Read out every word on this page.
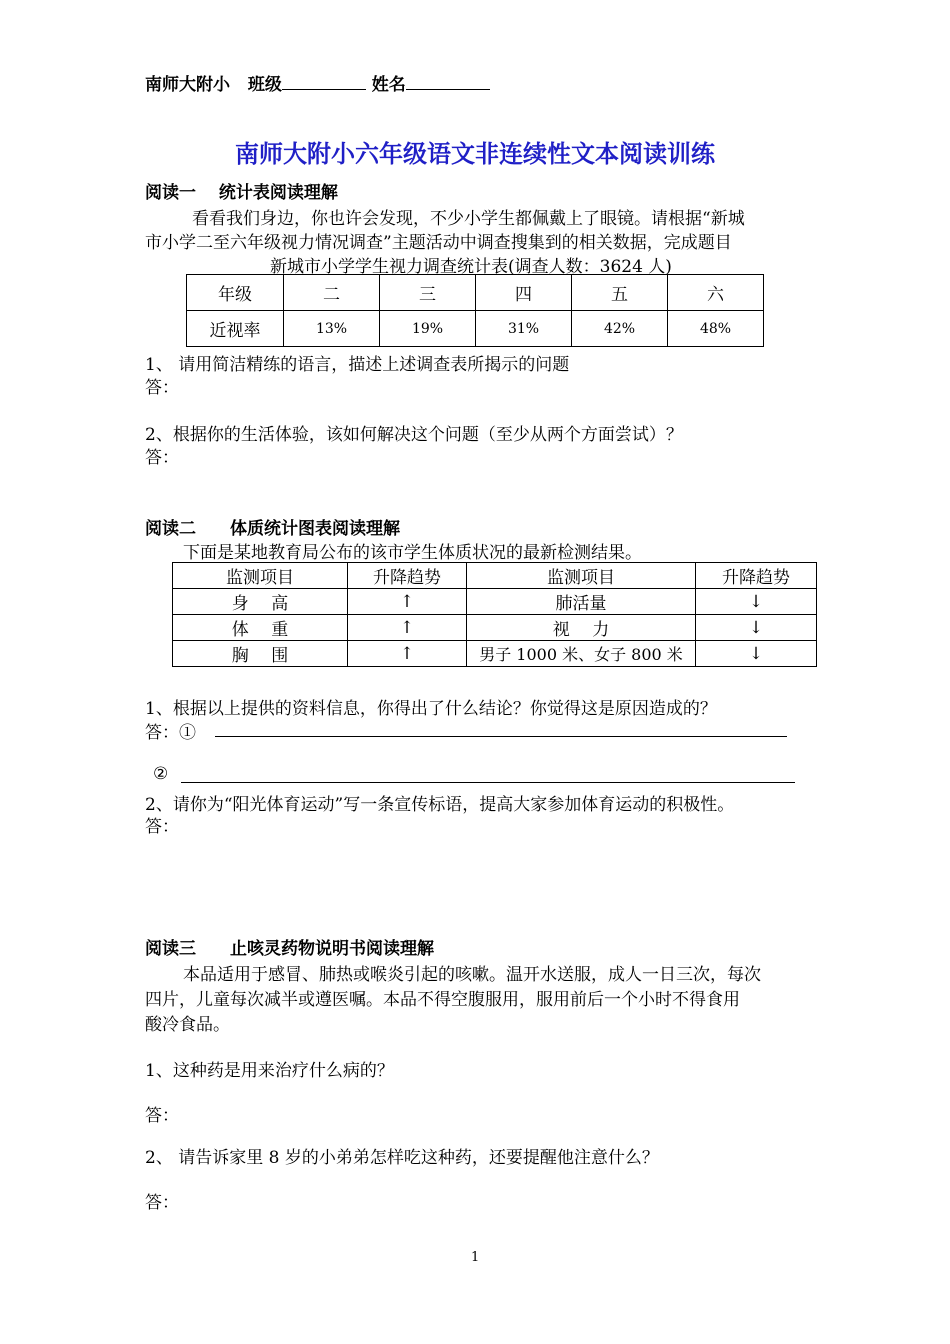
南师大附小 班级	姓名
南师大附小六年级语文非连续性文本阅读训练
阅读一　 统计表阅读理解
看看我们身边，你也许会发现，不少小学生都佩戴上了眼镜。请根据“新城
市小学二至六年级视力情况调查”主题活动中调查搜集到的相关数据，完成题目
新城市小学学生视力调查统计表(调查人数：3624 人)
年级	二	三	四	五	六
近视率	13%	19%	31%	42%	48%
1、 请用简洁精练的语言，描述上述调查表所揭示的问题
答：
2、根据你的生活体验，该如何解决这个问题（至少从两个方面尝试）？
答：
阅读二　　体质统计图表阅读理解
下面是某地教育局公布的该市学生体质状况的最新检测结果。
监测项目	升降趋势	监测项目	升降趋势
身　 高	↑	肺活量	↓
体　 重	↑	视　 力	↓
胸　 围	↑	男子 1000 米、女子 800 米	↓
1、根据以上提供的资料信息，你得出了什么结论？你觉得这是原因造成的？
答：①
②
2、请你为“阳光体育运动”写一条宣传标语，提高大家参加体育运动的积极性。
答：
阅读三　　止咳灵药物说明书阅读理解
本品适用于感冒、肺热或喉炎引起的咳嗽。温开水送服，成人一日三次，每次
四片，儿童每次减半或遵医嘱。本品不得空腹服用，服用前后一个小时不得食用
酸冷食品。
1、这种药是用来治疗什么病的？
答：
2、 请告诉家里 8 岁的小弟弟怎样吃这种药，还要提醒他注意什么？
答：
1
